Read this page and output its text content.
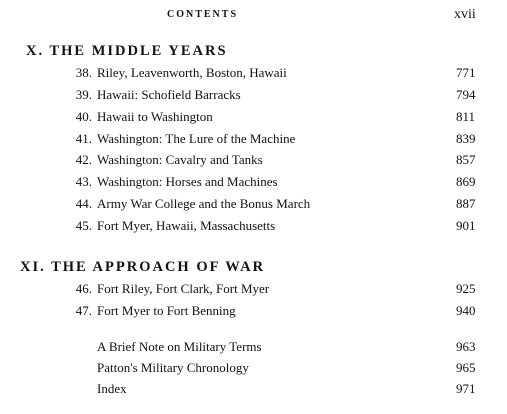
CONTENTS	xvii
X. THE MIDDLE YEARS
38. Riley, Leavenworth, Boston, Hawaii	771
39. Hawaii: Schofield Barracks	794
40. Hawaii to Washington	811
41. Washington: The Lure of the Machine	839
42. Washington: Cavalry and Tanks	857
43. Washington: Horses and Machines	869
44. Army War College and the Bonus March	887
45. Fort Myer, Hawaii, Massachusetts	901
XI. THE APPROACH OF WAR
46. Fort Riley, Fort Clark, Fort Myer	925
47. Fort Myer to Fort Benning	940
A Brief Note on Military Terms	963
Patton's Military Chronology	965
Index	971
